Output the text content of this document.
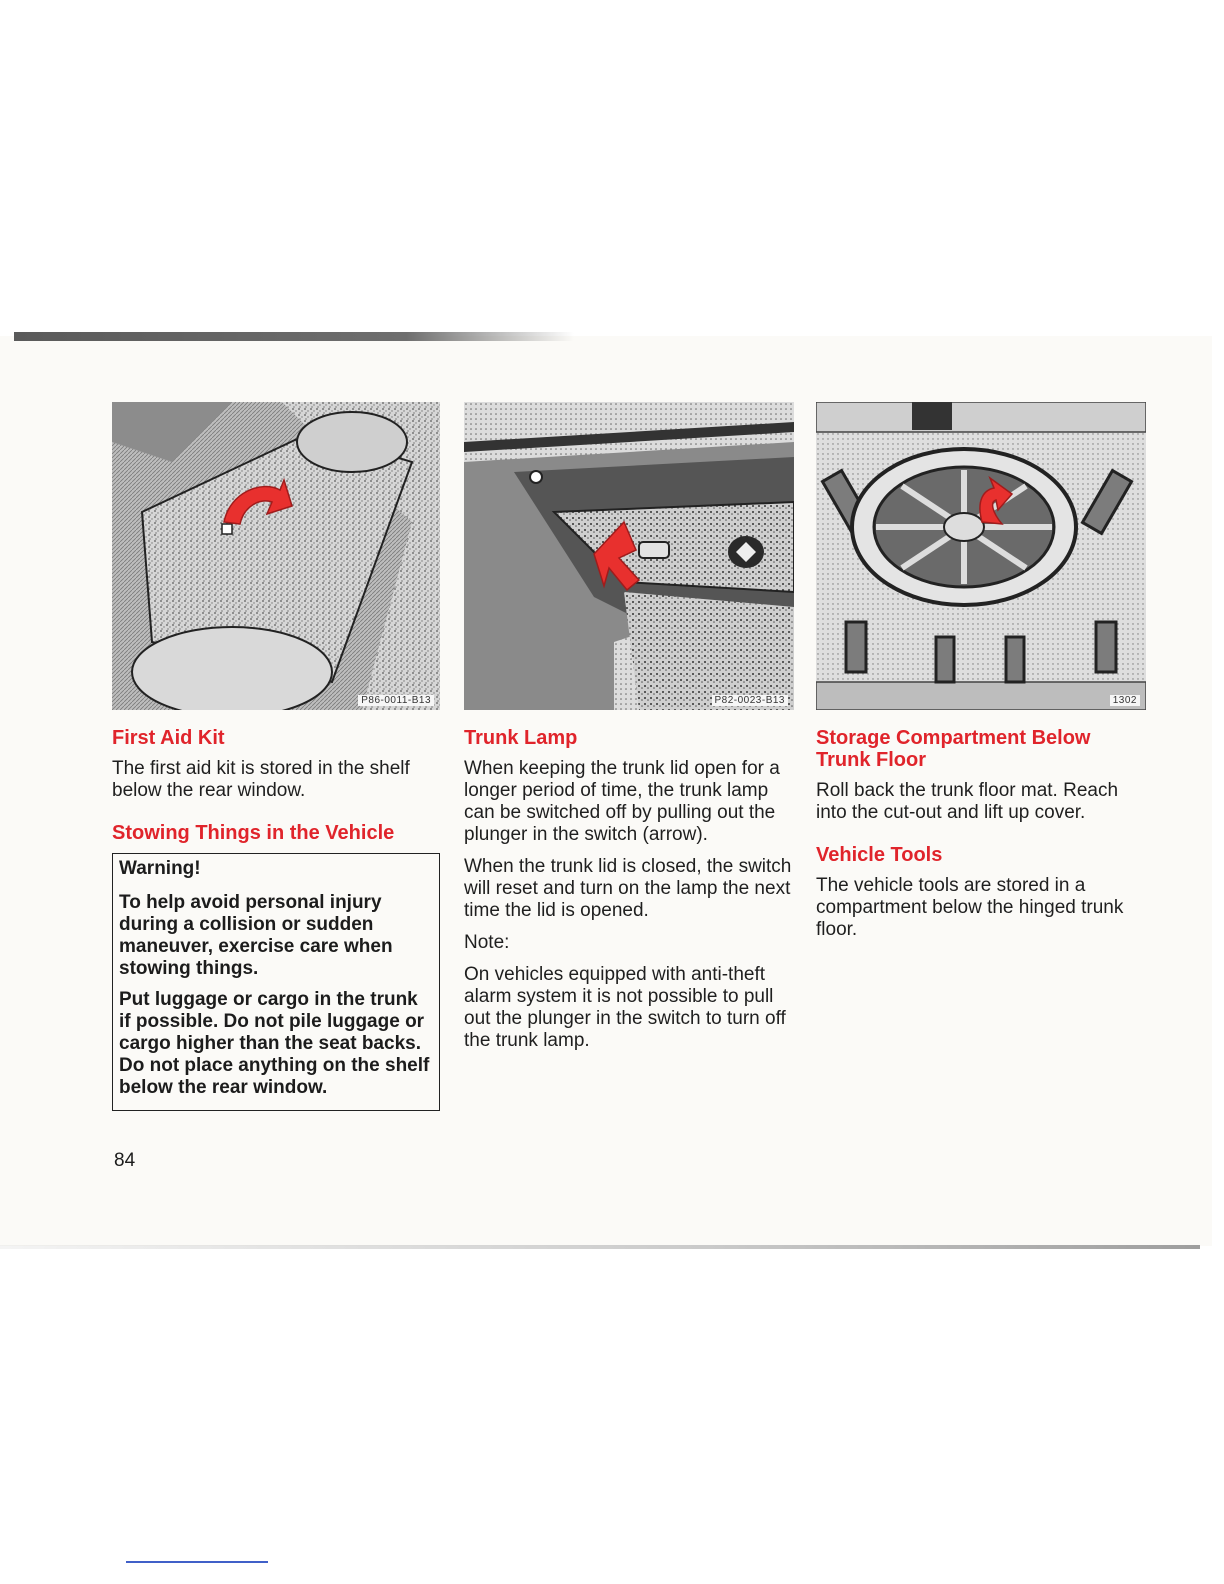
P86-0011-B13	P82-0023-B13	1302
First Aid Kit

The first aid kit is stored in the shelf below the rear window.

Stowing Things in the Vehicle

Warning!

To help avoid personal injury during a collision or sudden maneuver, exercise care when stowing things.

Put luggage or cargo in the trunk if possible. Do not pile luggage or cargo higher than the seat backs. Do not place anything on the shelf below the rear window.

Trunk Lamp

When keeping the trunk lid open for a longer period of time, the trunk lamp can be switched off by pulling out the plunger in the switch (arrow).

When the trunk lid is closed, the switch will reset and turn on the lamp the next time the lid is opened.

Note:

On vehicles equipped with anti-theft alarm system it is not possible to pull out the plunger in the switch to turn off the trunk lamp.

Storage Compartment Below Trunk Floor

Roll back the trunk floor mat. Reach into the cut-out and lift up cover.

Vehicle Tools

The vehicle tools are stored in a compartment below the hinged trunk floor.

84
